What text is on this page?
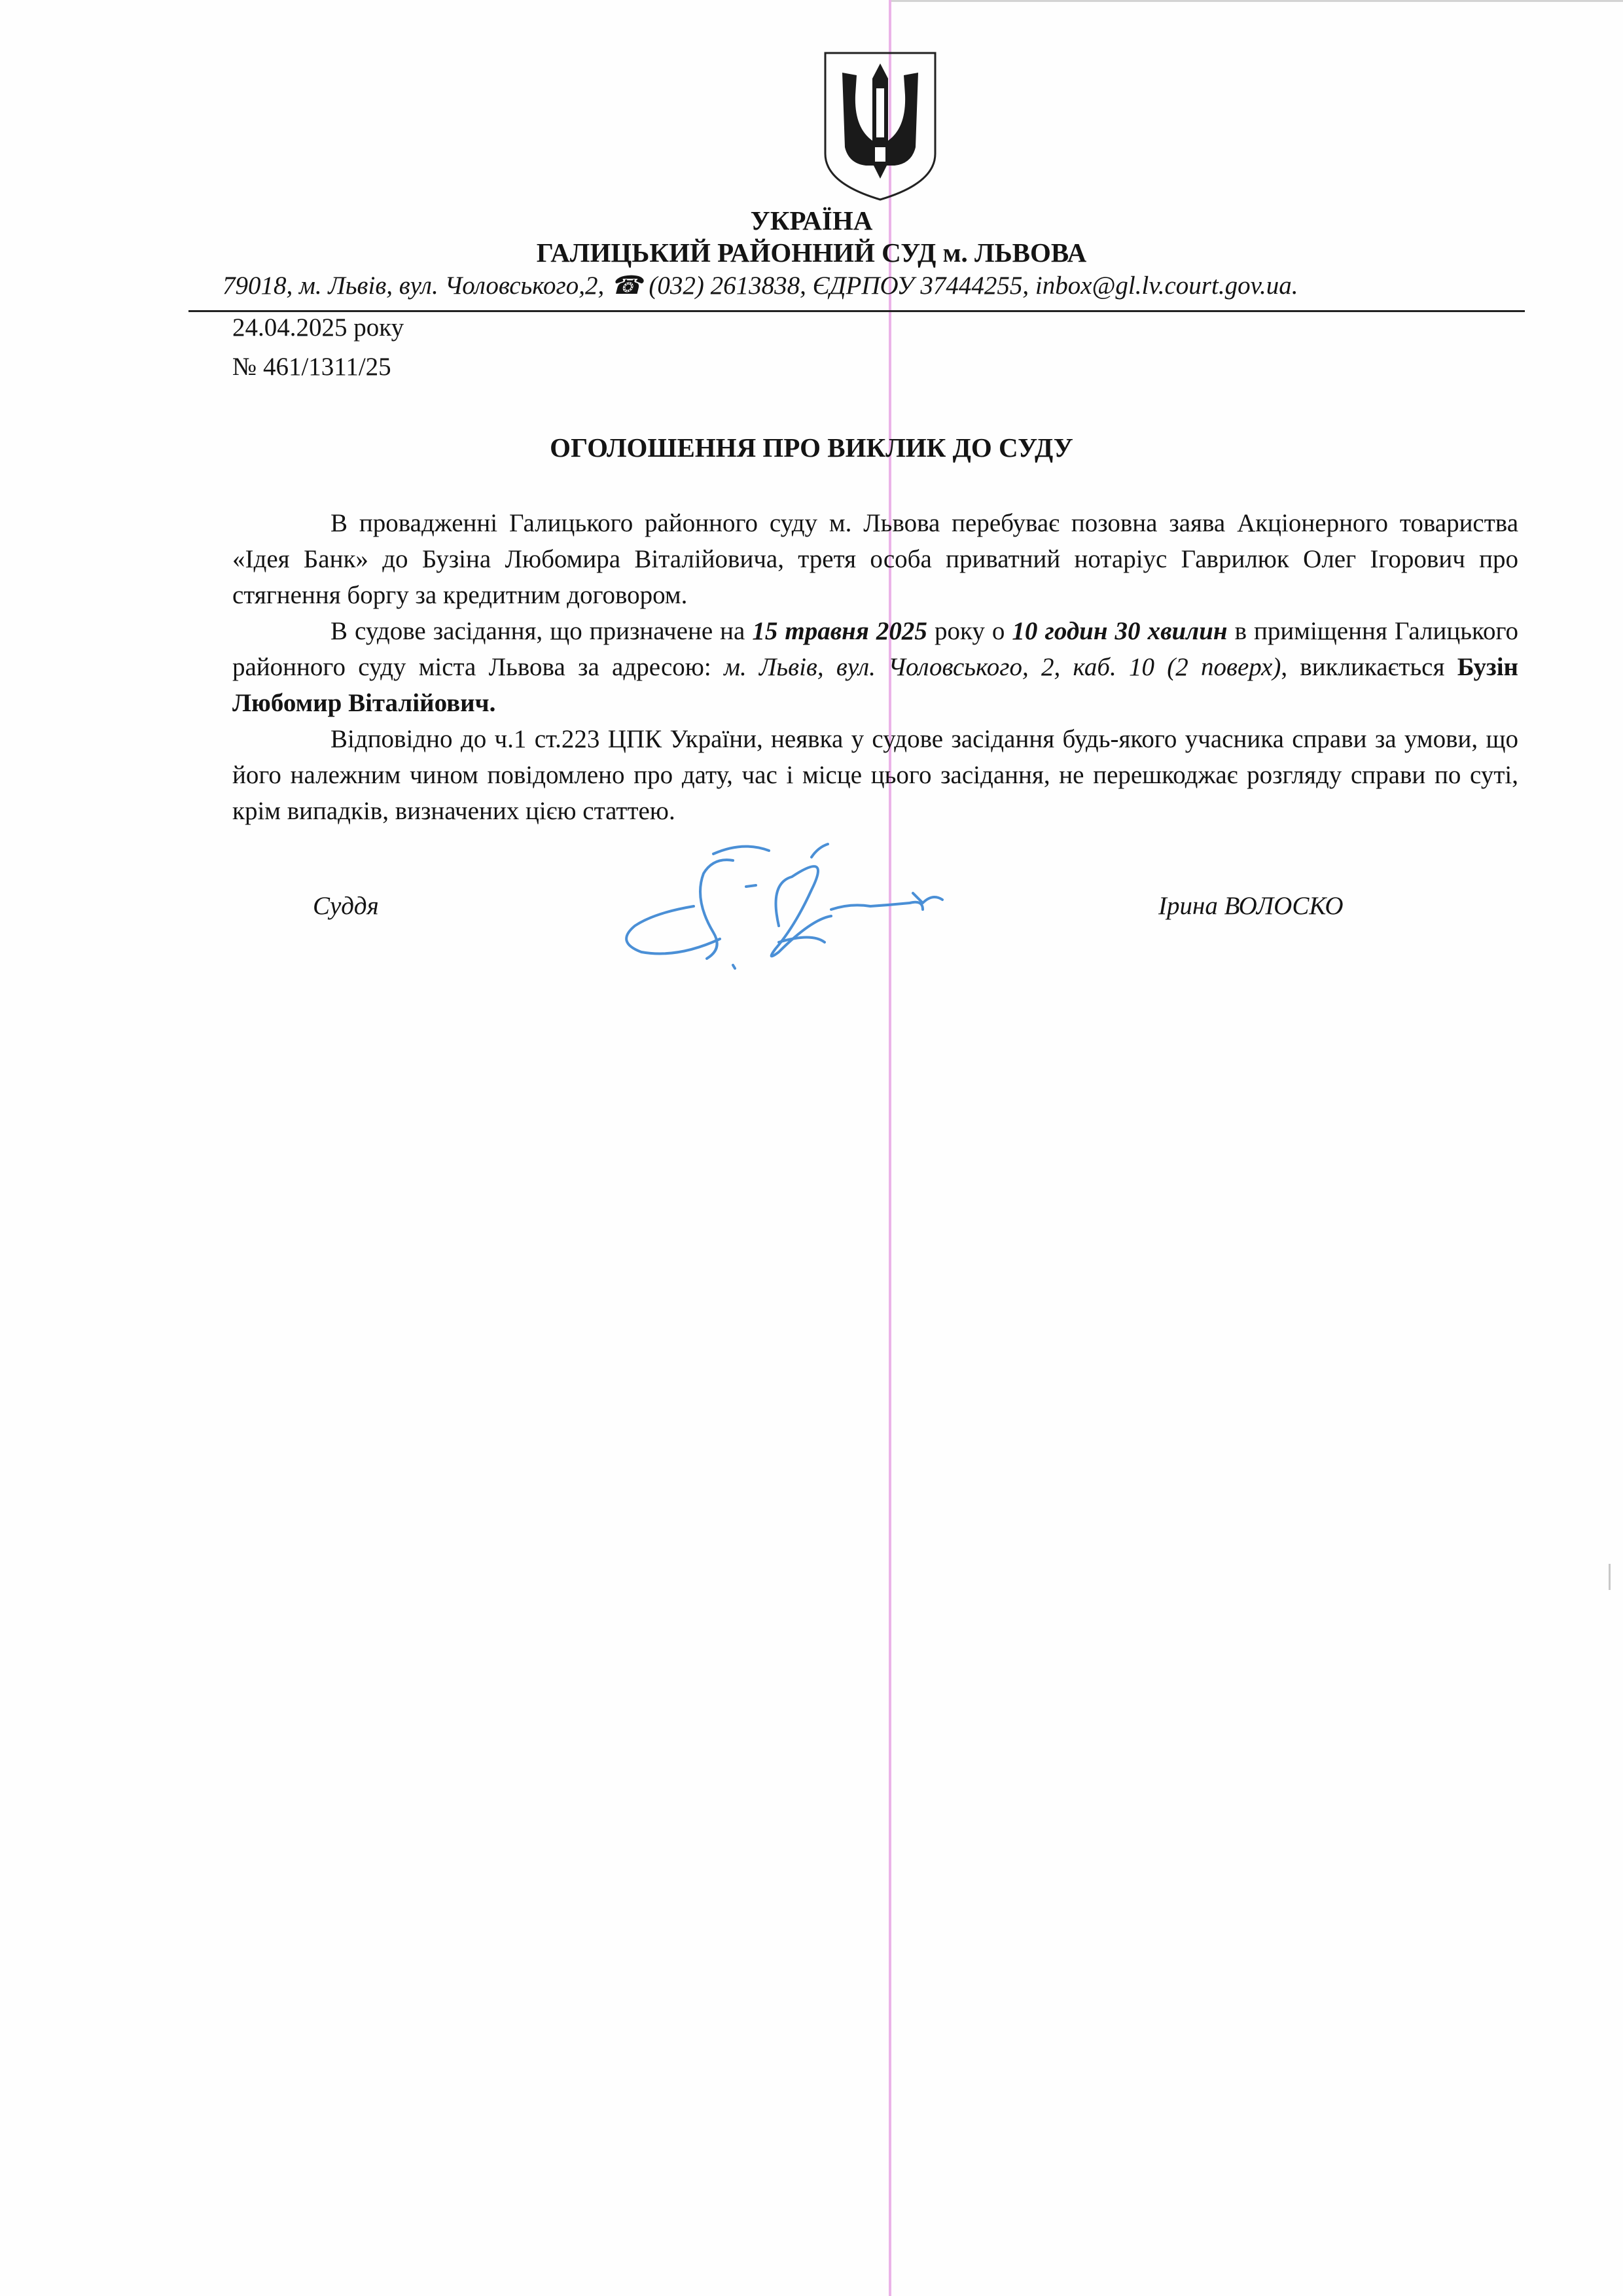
УКРАЇНА
ГАЛИЦЬКИЙ РАЙОННИЙ СУД м. ЛЬВОВА
79018, м. Львів, вул. Чоловського,2, ☎ (032) 2613838, ЄДРПОУ 37444255, inbox@gl.lv.court.gov.ua.
24.04.2025 року
№ 461/1311/25
ОГОЛОШЕННЯ ПРО ВИКЛИК ДО СУДУ

В провадженні Галицького районного суду м. Львова перебуває позовна заява Акціонерного товариства «Ідея Банк» до Бузіна Любомира Віталійовича, третя особа приватний нотаріус Гаврилюк Олег Ігорович про стягнення боргу за кредитним договором.

В судове засідання, що призначене на 15 травня 2025 року о 10 годин 30 хвилин в приміщення Галицького районного суду міста Львова за адресою: м. Львів, вул. Чоловського, 2, каб. 10 (2 поверх), викликається Бузін Любомир Віталійович.

Відповідно до ч.1 ст.223 ЦПК України, неявка у судове засідання будь-якого учасника справи за умови, що його належним чином повідомлено про дату, час і місце цього засідання, не перешкоджає розгляду справи по суті, крім випадків, визначених цією статтею.

Суддя	Ірина ВОЛОСКО
